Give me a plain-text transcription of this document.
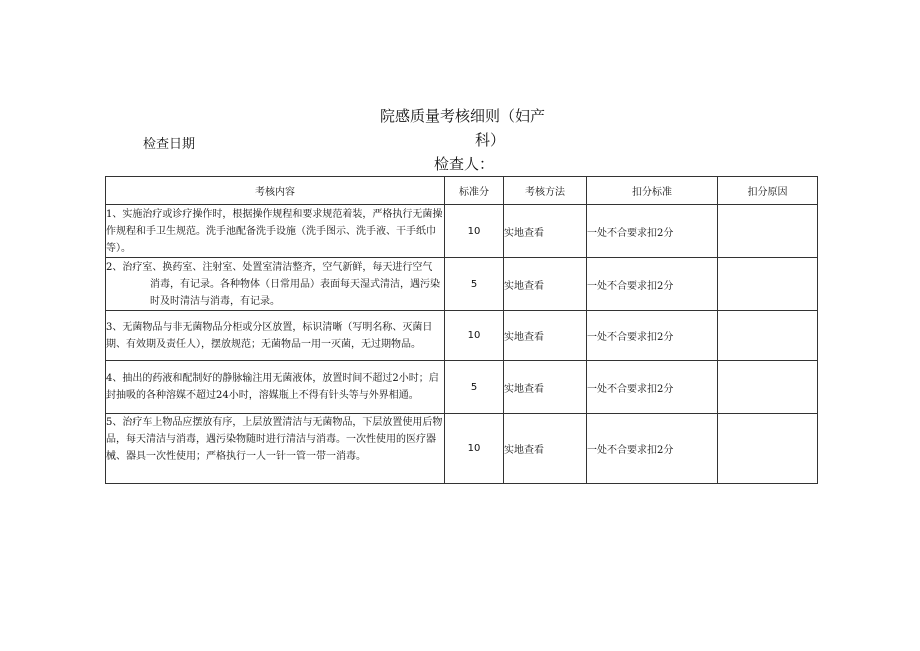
院感质量考核细则（妇产
科）
检查日期
检查人：
考核内容	标准分	考核方法	扣分标准	扣分原因
1、实施治疗或诊疗操作时，根据操作规程和要求规范着装，严格执行无菌操作规程和手卫生规范。洗手池配备洗手设施（洗手图示、洗手液、干手纸巾等）。	10	实地查看	一处不合要求扣2分	
2、治疗室、换药室、注射室、处置室清洁整齐，空气新鲜，每天进行空气
消毒，有记录。各种物体（日常用品）表面每天湿式清洁，遇污染时及时清洁与消毒，有记录。	5	实地查看	一处不合要求扣2分	
3、无菌物品与非无菌物品分柜或分区放置，标识清晰（写明名称、灭菌日期、有效期及责任人），摆放规范；无菌物品一用一灭菌，无过期物品。	10	实地查看	一处不合要求扣2分	
4、抽出的药液和配制好的静脉输注用无菌液体，放置时间不超过2小时；启封抽吸的各种溶媒不超过24小时，溶媒瓶上不得有针头等与外界相通。	5	实地查看	一处不合要求扣2分	
5、治疗车上物品应摆放有序，上层放置清洁与无菌物品，下层放置使用后物品，每天清洁与消毒，遇污染物随时进行清洁与消毒。一次性使用的医疗器械、器具一次性使用；严格执行一人一针一管一带一消毒。	10	实地查看	一处不合要求扣2分	
